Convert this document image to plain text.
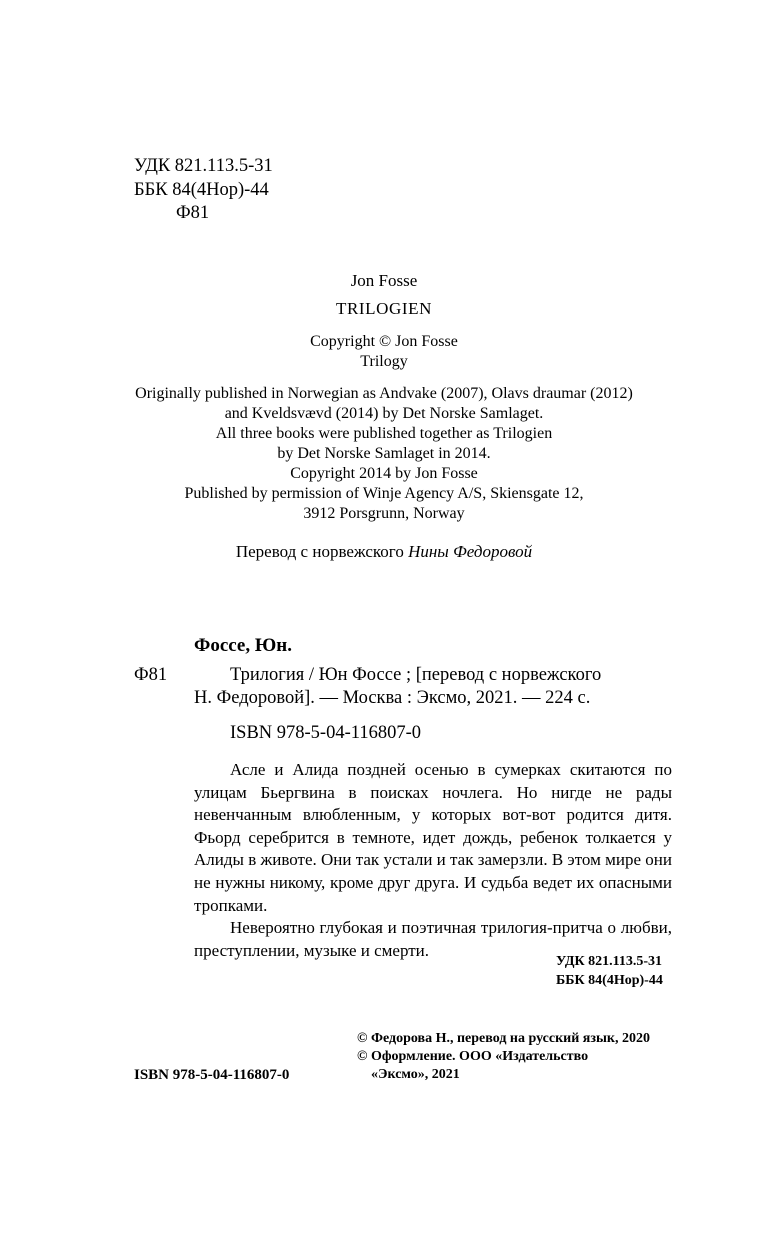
УДК 821.113.5-31
ББК 84(4Нор)-44
Ф81
Jon Fosse
TRILOGIEN
Copyright © Jon Fosse
Trilogy
Originally published in Norwegian as Andvake (2007), Olavs draumar (2012)
and Kveldsvævd (2014) by Det Norske Samlaget.
All three books were published together as Trilogien
by Det Norske Samlaget in 2014.
Copyright 2014 by Jon Fosse
Published by permission of Winje Agency A/S, Skiensgate 12,
3912 Porsgrunn, Norway
Перевод с норвежского Нины Федоровой
Фоссе, Юн.
Ф81	Трилогия / Юн Фоссе ; [перевод с норвежского
Н. Федоровой]. — Москва : Эксмо, 2021. — 224 с.
ISBN 978-5-04-116807-0

Асле и Алида поздней осенью в сумерках скитаются по улицам Бьергвина в поисках ночлега. Но нигде не рады невенчанным влюбленным, у которых вот-вот родится дитя. Фьорд серебрится в темноте, идет дождь, ребенок толкается у Алиды в животе. Они так устали и так замерзли. В этом мире они не нужны никому, кроме друг друга. И судьба ведет их опасными тропками.

Невероятно глубокая и поэтичная трилогия-притча о любви, преступлении, музыке и смерти.

УДК 821.113.5-31
ББК 84(4Нор)-44
© Федорова Н., перевод на русский язык, 2020
© Оформление. ООО «Издательство
ISBN 978-5-04-116807-0	«Эксмо», 2021
